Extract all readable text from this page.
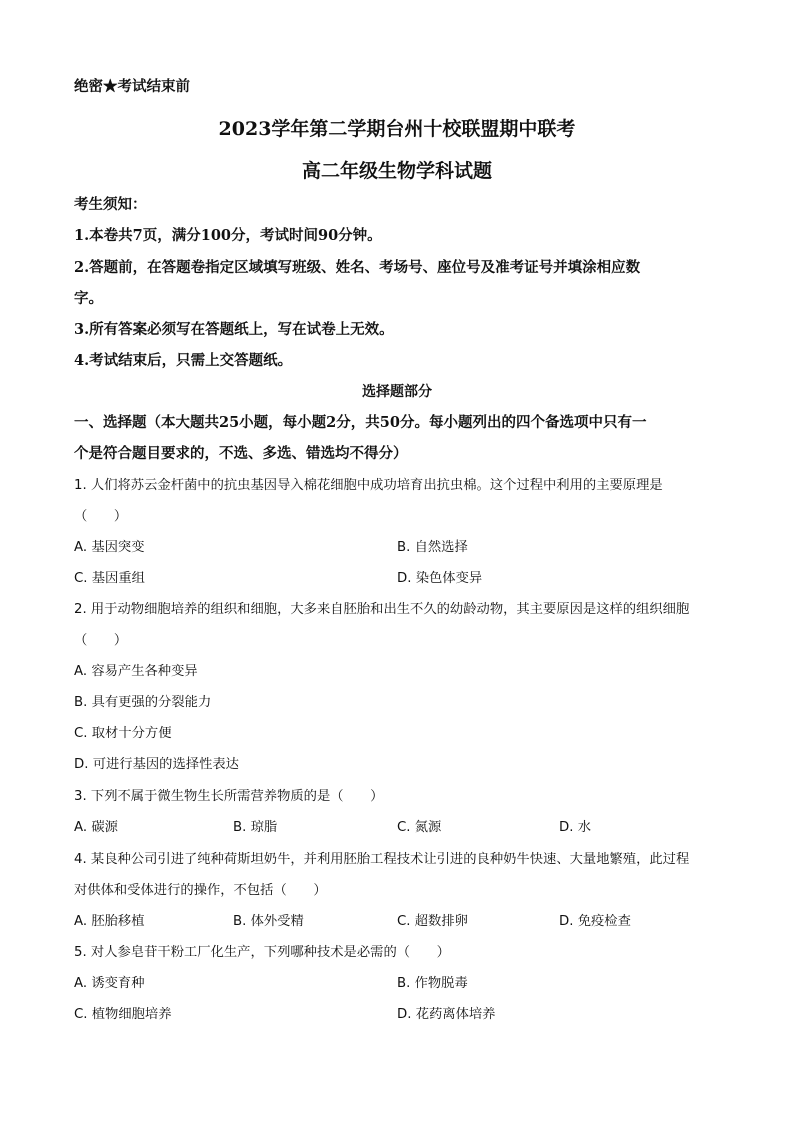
绝密★考试结束前
2023学年第二学期台州十校联盟期中联考
高二年级生物学科试题
考生须知：
1.本卷共7页，满分100分，考试时间90分钟。
2.答题前，在答题卷指定区域填写班级、姓名、考场号、座位号及准考证号并填涂相应数
字。
3.所有答案必须写在答题纸上，写在试卷上无效。
4.考试结束后，只需上交答题纸。
选择题部分
一、选择题（本大题共25小题，每小题2分，共50分。每小题列出的四个备选项中只有一
个是符合题目要求的，不选、多选、错选均不得分）
1. 人们将苏云金杆菌中的抗虫基因导入棉花细胞中成功培育出抗虫棉。这个过程中利用的主要原理是
（　　）
A. 基因突变	B. 自然选择
C. 基因重组	D. 染色体变异
2. 用于动物细胞培养的组织和细胞，大多来自胚胎和出生不久的幼龄动物，其主要原因是这样的组织细胞
（　　）
A. 容易产生各种变异
B. 具有更强的分裂能力
C. 取材十分方便
D. 可进行基因的选择性表达
3. 下列不属于微生物生长所需营养物质的是（　　）
A. 碳源	B. 琼脂	C. 氮源	D. 水
4. 某良种公司引进了纯种荷斯坦奶牛，并利用胚胎工程技术让引进的良种奶牛快速、大量地繁殖，此过程
对供体和受体进行的操作，不包括（　　）
A. 胚胎移植	B. 体外受精	C. 超数排卵	D. 免疫检查
5. 对人参皂苷干粉工厂化生产，下列哪种技术是必需的（　　）
A. 诱变育种	B. 作物脱毒
C. 植物细胞培养	D. 花药离体培养
